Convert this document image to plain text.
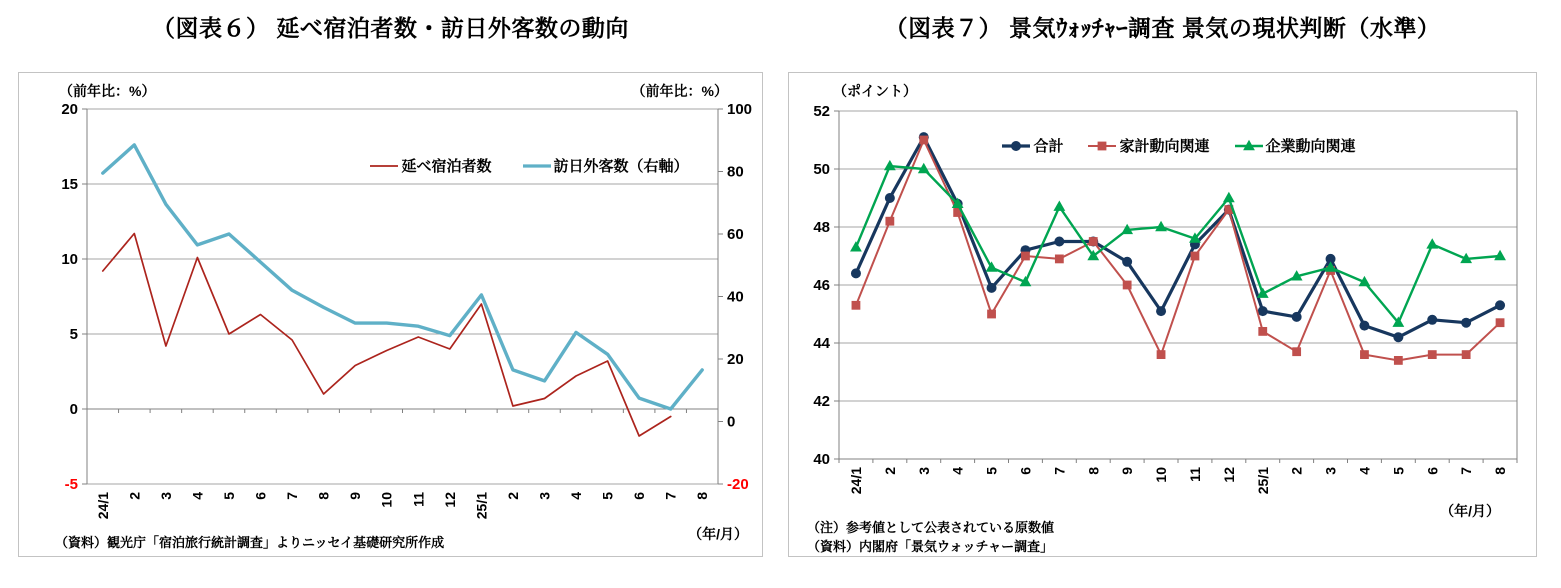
（図表６） 延べ宿泊者数・訪日外客数の動向
（前年比：%）	（前年比：%）
20
15
10
5
0
-5
100
80
60
40
20
0
-20
24/1 2 3 4 5 6 7 8 9 10 11 12 25/1 2 3 4 5 6 7 8
延べ宿泊者数	訪日外客数（右軸）
（資料）観光庁「宿泊旅行統計調査」よりニッセイ基礎研究所作成
（年/月）
（図表７） 景気ｳｫｯﾁｬｰ調査 景気の現状判断（水準）
（ポイント）
52
50
48
46
44
42
40
24/1 2 3 4 5 6 7 8 9 10 11 12 25/1 2 3 4 5 6 7 8
合計	家計動向関連	企業動向関連
（注）参考値として公表されている原数値
（資料）内閣府「景気ウォッチャー調査」
（年/月）
